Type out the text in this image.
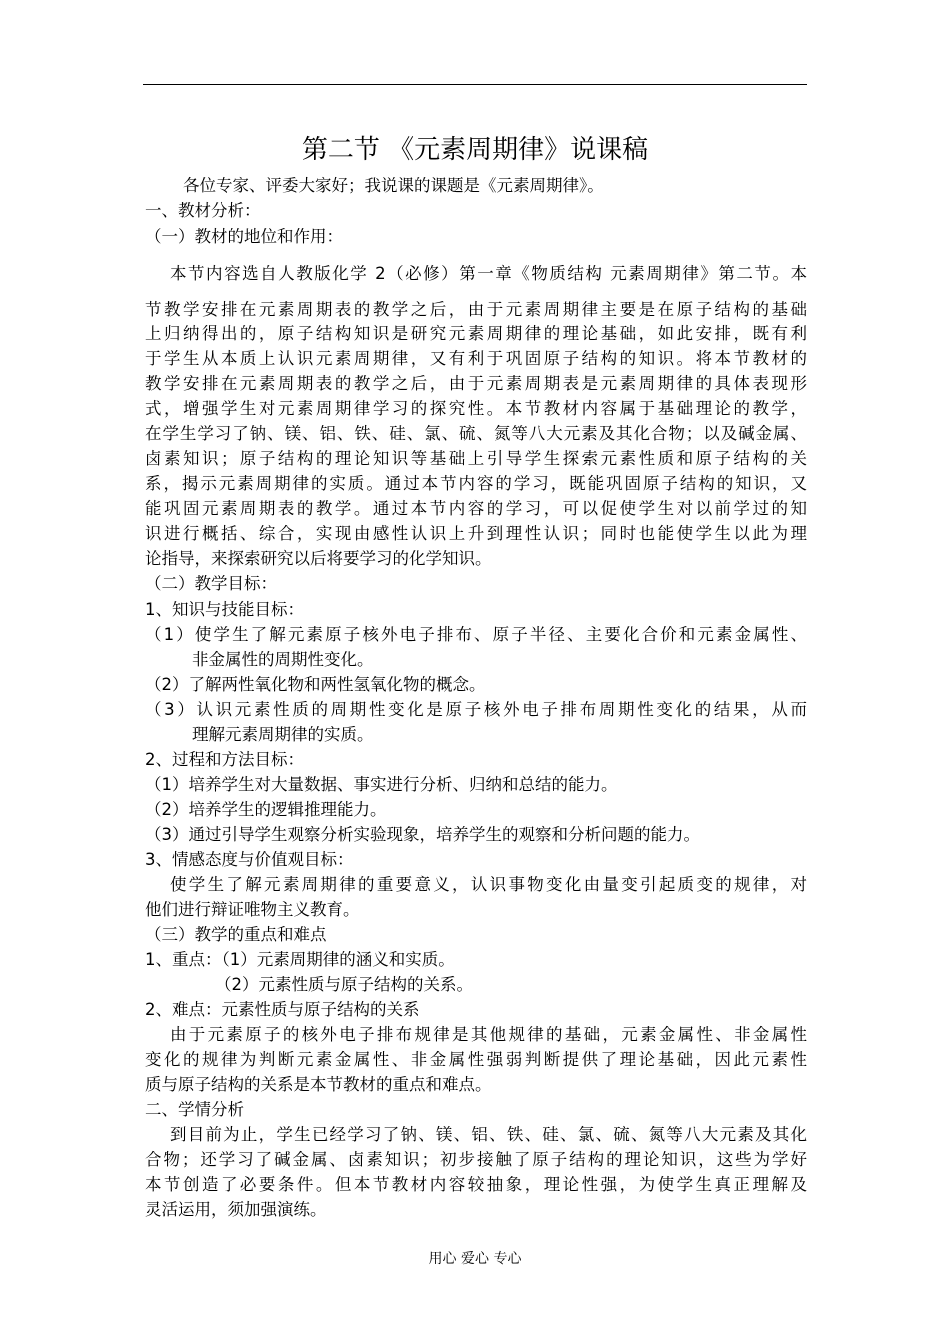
第二节 《元素周期律》说课稿
各位专家、评委大家好；我说课的课题是《元素周期律》。
一、教材分析：
（一）教材的地位和作用：
本节内容选自人教版化学 2（必修）第一章《物质结构 元素周期律》第二节。本
节教学安排在元素周期表的教学之后，由于元素周期律主要是在原子结构的基础
上归纳得出的，原子结构知识是研究元素周期律的理论基础，如此安排，既有利
于学生从本质上认识元素周期律，又有利于巩固原子结构的知识。将本节教材的
教学安排在元素周期表的教学之后，由于元素周期表是元素周期律的具体表现形
式，增强学生对元素周期律学习的探究性。本节教材内容属于基础理论的教学，
在学生学习了钠、镁、铝、铁、硅、氯、硫、氮等八大元素及其化合物；以及碱金属、
卤素知识；原子结构的理论知识等基础上引导学生探索元素性质和原子结构的关
系，揭示元素周期律的实质。通过本节内容的学习，既能巩固原子结构的知识，又
能巩固元素周期表的教学。通过本节内容的学习，可以促使学生对以前学过的知
识进行概括、综合，实现由感性认识上升到理性认识；同时也能使学生以此为理
论指导，来探索研究以后将要学习的化学知识。
（二）教学目标：
1、知识与技能目标：
（1）使学生了解元素原子核外电子排布、原子半径、主要化合价和元素金属性、
非金属性的周期性变化。
（2）了解两性氧化物和两性氢氧化物的概念。
（3）认识元素性质的周期性变化是原子核外电子排布周期性变化的结果，从而
理解元素周期律的实质。
2、过程和方法目标：
（1）培养学生对大量数据、事实进行分析、归纳和总结的能力。
（2）培养学生的逻辑推理能力。
（3）通过引导学生观察分析实验现象，培养学生的观察和分析问题的能力。
3、情感态度与价值观目标：
使学生了解元素周期律的重要意义，认识事物变化由量变引起质变的规律，对
他们进行辩证唯物主义教育。
（三）教学的重点和难点
1、重点：（1）元素周期律的涵义和实质。
（2）元素性质与原子结构的关系。
2、难点：元素性质与原子结构的关系
由于元素原子的核外电子排布规律是其他规律的基础，元素金属性、非金属性
变化的规律为判断元素金属性、非金属性强弱判断提供了理论基础，因此元素性
质与原子结构的关系是本节教材的重点和难点。
二、学情分析
到目前为止，学生已经学习了钠、镁、铝、铁、硅、氯、硫、氮等八大元素及其化
合物；还学习了碱金属、卤素知识；初步接触了原子结构的理论知识，这些为学好
本节创造了必要条件。但本节教材内容较抽象，理论性强，为使学生真正理解及
灵活运用，须加强演练。
用心 爱心 专心
